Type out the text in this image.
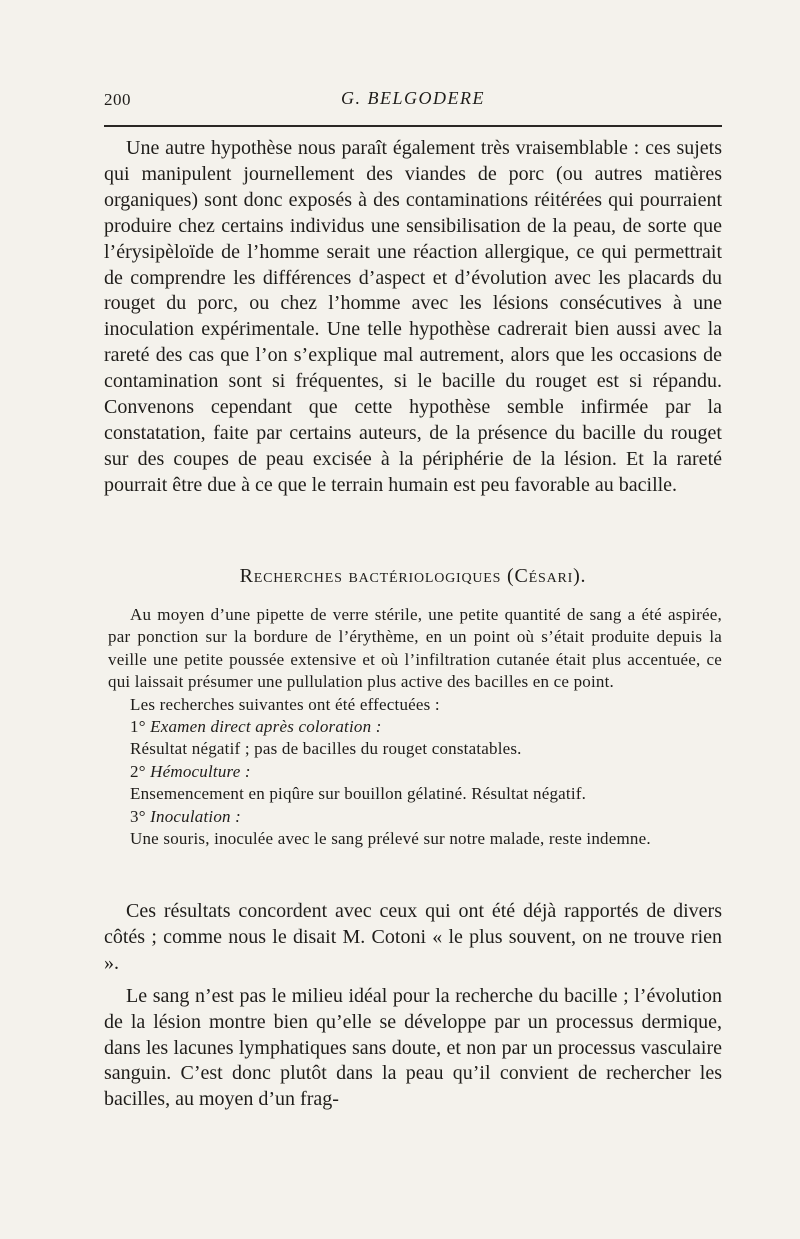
200	G. BELGODERE

Une autre hypothèse nous paraît également très vraisemblable : ces sujets qui manipulent journellement des viandes de porc (ou autres matières organiques) sont donc exposés à des contaminations réitérées qui pourraient produire chez certains individus une sensibilisation de la peau, de sorte que l’érysipèloïde de l’homme serait une réaction allergique, ce qui permettrait de comprendre les différences d’aspect et d’évolution avec les placards du rouget du porc, ou chez l’homme avec les lésions consécutives à une inoculation expérimentale. Une telle hypothèse cadrerait bien aussi avec la rareté des cas que l’on s’explique mal autrement, alors que les occasions de contamination sont si fréquentes, si le bacille du rouget est si répandu. Convenons cependant que cette hypothèse semble infirmée par la constatation, faite par certains auteurs, de la présence du bacille du rouget sur des coupes de peau excisée à la périphérie de la lésion. Et la rareté pourrait être due à ce que le terrain humain est peu favorable au bacille.

Recherches bactériologiques (Césari).

Au moyen d’une pipette de verre stérile, une petite quantité de sang a été aspirée, par ponction sur la bordure de l’érythème, en un point où s’était produite depuis la veille une petite poussée extensive et où l’infiltration cutanée était plus accentuée, ce qui laissait présumer une pullulation plus active des bacilles en ce point.

Les recherches suivantes ont été effectuées :

1° Examen direct après coloration :

Résultat négatif ; pas de bacilles du rouget constatables.

2° Hémoculture :

Ensemencement en piqûre sur bouillon gélatiné. Résultat négatif.

3° Inoculation :

Une souris, inoculée avec le sang prélevé sur notre malade, reste indemne.

Ces résultats concordent avec ceux qui ont été déjà rapportés de divers côtés ; comme nous le disait M. Cotoni « le plus souvent, on ne trouve rien ».

Le sang n’est pas le milieu idéal pour la recherche du bacille ; l’évolution de la lésion montre bien qu’elle se développe par un processus dermique, dans les lacunes lymphatiques sans doute, et non par un processus vasculaire sanguin. C’est donc plutôt dans la peau qu’il convient de rechercher les bacilles, au moyen d’un frag-
